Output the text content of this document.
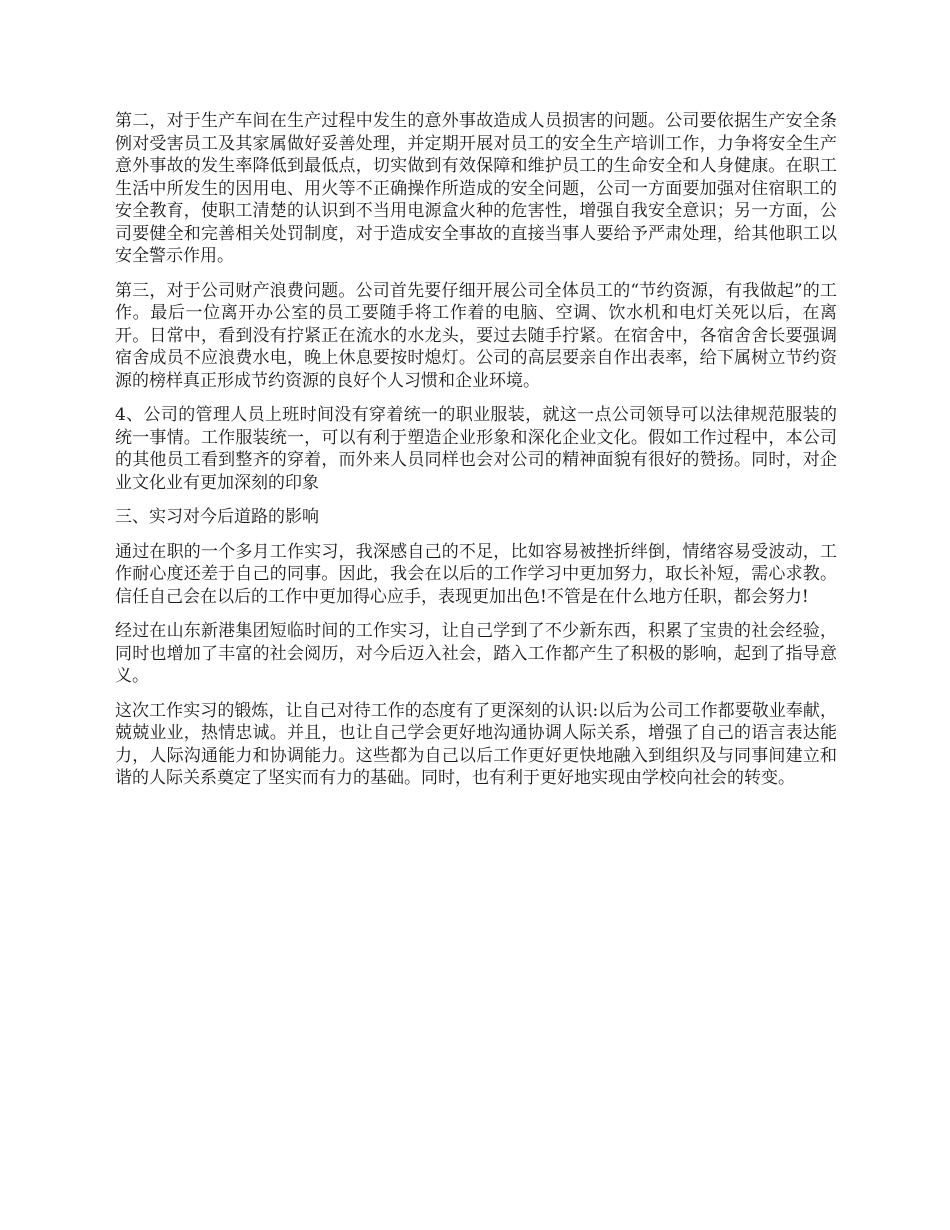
第二，对于生产车间在生产过程中发生的意外事故造成人员损害的问题。公司要依据生产安全条例对受害员工及其家属做好妥善处理，并定期开展对员工的安全生产培训工作，力争将安全生产意外事故的发生率降低到最低点，切实做到有效保障和维护员工的生命安全和人身健康。在职工生活中所发生的因用电、用火等不正确操作所造成的安全问题，公司一方面要加强对住宿职工的安全教育，使职工清楚的认识到不当用电源盒火种的危害性，增强自我安全意识；另一方面，公司要健全和完善相关处罚制度，对于造成安全事故的直接当事人要给予严肃处理，给其他职工以安全警示作用。

第三，对于公司财产浪费问题。公司首先要仔细开展公司全体员工的“节约资源，有我做起”的工作。最后一位离开办公室的员工要随手将工作着的电脑、空调、饮水机和电灯关死以后，在离开。日常中，看到没有拧紧正在流水的水龙头，要过去随手拧紧。在宿舍中，各宿舍舍长要强调宿舍成员不应浪费水电，晚上休息要按时熄灯。公司的高层要亲自作出表率，给下属树立节约资源的榜样真正形成节约资源的良好个人习惯和企业环境。

4、公司的管理人员上班时间没有穿着统一的职业服装，就这一点公司领导可以法律规范服装的统一事情。工作服装统一，可以有利于塑造企业形象和深化企业文化。假如工作过程中，本公司的其他员工看到整齐的穿着，而外来人员同样也会对公司的精神面貌有很好的赞扬。同时，对企业文化业有更加深刻的印象

三、实习对今后道路的影响

通过在职的一个多月工作实习，我深感自己的不足，比如容易被挫折绊倒，情绪容易受波动，工作耐心度还差于自己的同事。因此，我会在以后的工作学习中更加努力，取长补短，需心求教。信任自己会在以后的工作中更加得心应手，表现更加出色!不管是在什么地方任职，都会努力!

经过在山东新港集团短临时间的工作实习，让自己学到了不少新东西，积累了宝贵的社会经验，同时也增加了丰富的社会阅历，对今后迈入社会，踏入工作都产生了积极的影响，起到了指导意义。

这次工作实习的锻炼，让自己对待工作的态度有了更深刻的认识:以后为公司工作都要敬业奉献，兢兢业业，热情忠诚。并且，也让自己学会更好地沟通协调人际关系，增强了自己的语言表达能力，人际沟通能力和协调能力。这些都为自己以后工作更好更快地融入到组织及与同事间建立和谐的人际关系奠定了坚实而有力的基础。同时，也有利于更好地实现由学校向社会的转变。
